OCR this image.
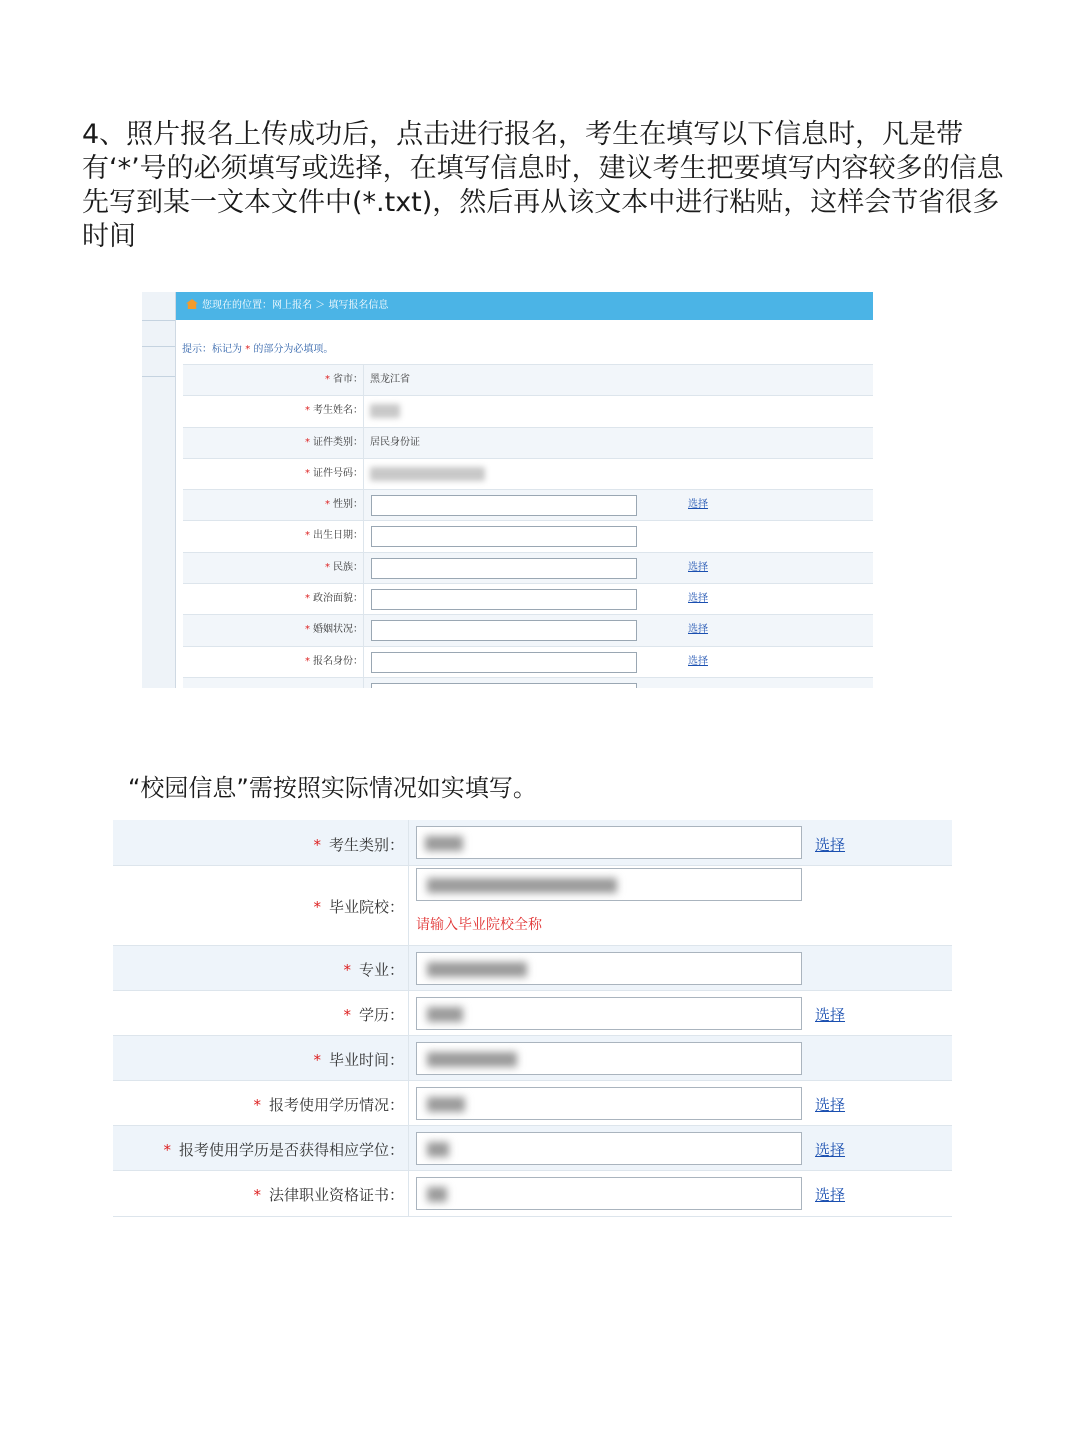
4、照片报名上传成功后，点击进行报名，考生在填写以下信息时，凡是带有‘*’号的必须填写或选择，在填写信息时，建议考生把要填写内容较多的信息先写到某一文本文件中(*.txt)，然后再从该文本中进行粘贴，这样会节省很多时间
您现在的位置：网上报名 ＞ 填写报名信息
提示：标记为 * 的部分为必填项。
* 省市： 黑龙江省
* 考生姓名：
* 证件类别： 居民身份证
* 证件号码：
* 性别：	选择
* 出生日期：
* 民族：	选择
* 政治面貌：	选择
* 婚姻状况：	选择
* 报名身份：	选择
“校园信息”需按照实际情况如实填写。
* 考生类别：	选择
* 毕业院校：
请输入毕业院校全称
* 专业：
* 学历：	选择
* 毕业时间：
* 报考使用学历情况：	选择
* 报考使用学历是否获得相应学位：	选择
* 法律职业资格证书：	选择
